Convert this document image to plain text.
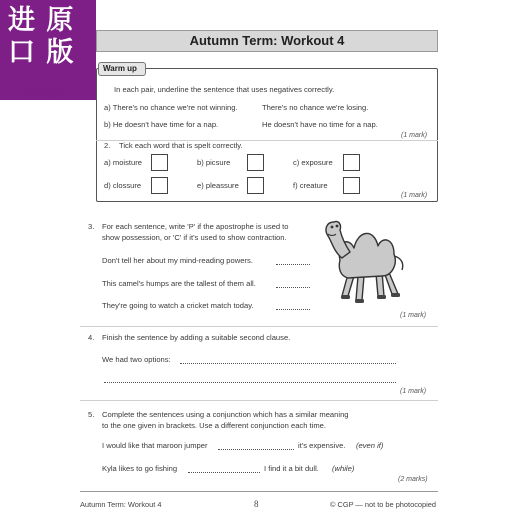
进 原
口 版
中华商务
Autumn Term: Workout 4
Warm up
In each pair, underline the sentence that uses negatives correctly.
a) There's no chance we're not winning.	There's no chance we're losing.
b) He doesn't have time for a nap.	He doesn't have no time for a nap.
(1 mark)
2. Tick each word that is spelt correctly.
a) moisture	b) picsure	c) exposure
d) clossure	e) pleassure	f) creature
(1 mark)
3. For each sentence, write 'P' if the apostrophe is used to
show possession, or 'C' if it's used to show contraction.
Don't tell her about my mind-reading powers.
This camel's humps are the tallest of them all.
They're going to watch a cricket match today.
(1 mark)
4. Finish the sentence by adding a suitable second clause.
We had two options:
(1 mark)
5. Complete the sentences using a conjunction which has a similar meaning
to the one given in brackets. Use a different conjunction each time.
I would like that maroon jumper	it's expensive. (even if)
Kyla likes to go fishing	I find it a bit dull. (while)
(2 marks)
Autumn Term: Workout 4	8	© CGP — not to be photocopied
